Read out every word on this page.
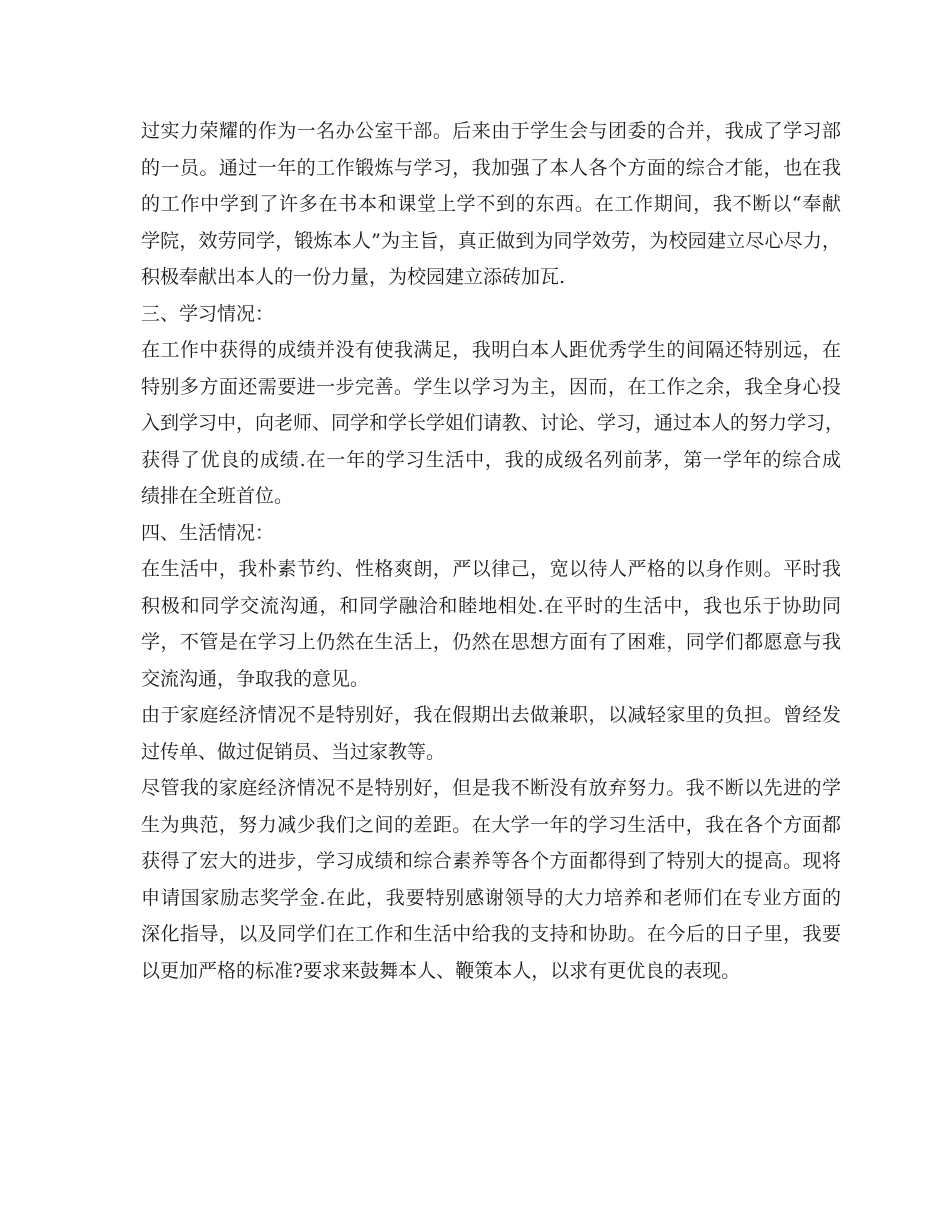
过实力荣耀的作为一名办公室干部。后来由于学生会与团委的合并，我成了学习部
的一员。通过一年的工作锻炼与学习，我加强了本人各个方面的综合才能，也在我
的工作中学到了许多在书本和课堂上学不到的东西。在工作期间，我不断以“奉献
学院，效劳同学，锻炼本人”为主旨，真正做到为同学效劳，为校园建立尽心尽力，
积极奉献出本人的一份力量，为校园建立添砖加瓦.
三、学习情况：
在工作中获得的成绩并没有使我满足，我明白本人距优秀学生的间隔还特别远，在
特别多方面还需要进一步完善。学生以学习为主，因而，在工作之余，我全身心投
入到学习中，向老师、同学和学长学姐们请教、讨论、学习，通过本人的努力学习，
获得了优良的成绩.在一年的学习生活中，我的成级名列前茅，第一学年的综合成
绩排在全班首位。
四、生活情况：
在生活中，我朴素节约、性格爽朗，严以律己，宽以待人严格的以身作则。平时我
积极和同学交流沟通，和同学融洽和睦地相处.在平时的生活中，我也乐于协助同
学，不管是在学习上仍然在生活上，仍然在思想方面有了困难，同学们都愿意与我
交流沟通，争取我的意见。
由于家庭经济情况不是特别好，我在假期出去做兼职，以减轻家里的负担。曾经发
过传单、做过促销员、当过家教等。
尽管我的家庭经济情况不是特别好，但是我不断没有放弃努力。我不断以先进的学
生为典范，努力减少我们之间的差距。在大学一年的学习生活中，我在各个方面都
获得了宏大的进步，学习成绩和综合素养等各个方面都得到了特别大的提高。现将
申请国家励志奖学金.在此，我要特别感谢领导的大力培养和老师们在专业方面的
深化指导，以及同学们在工作和生活中给我的支持和协助。在今后的日子里，我要
以更加严格的标准?要求来鼓舞本人、鞭策本人，以求有更优良的表现。
